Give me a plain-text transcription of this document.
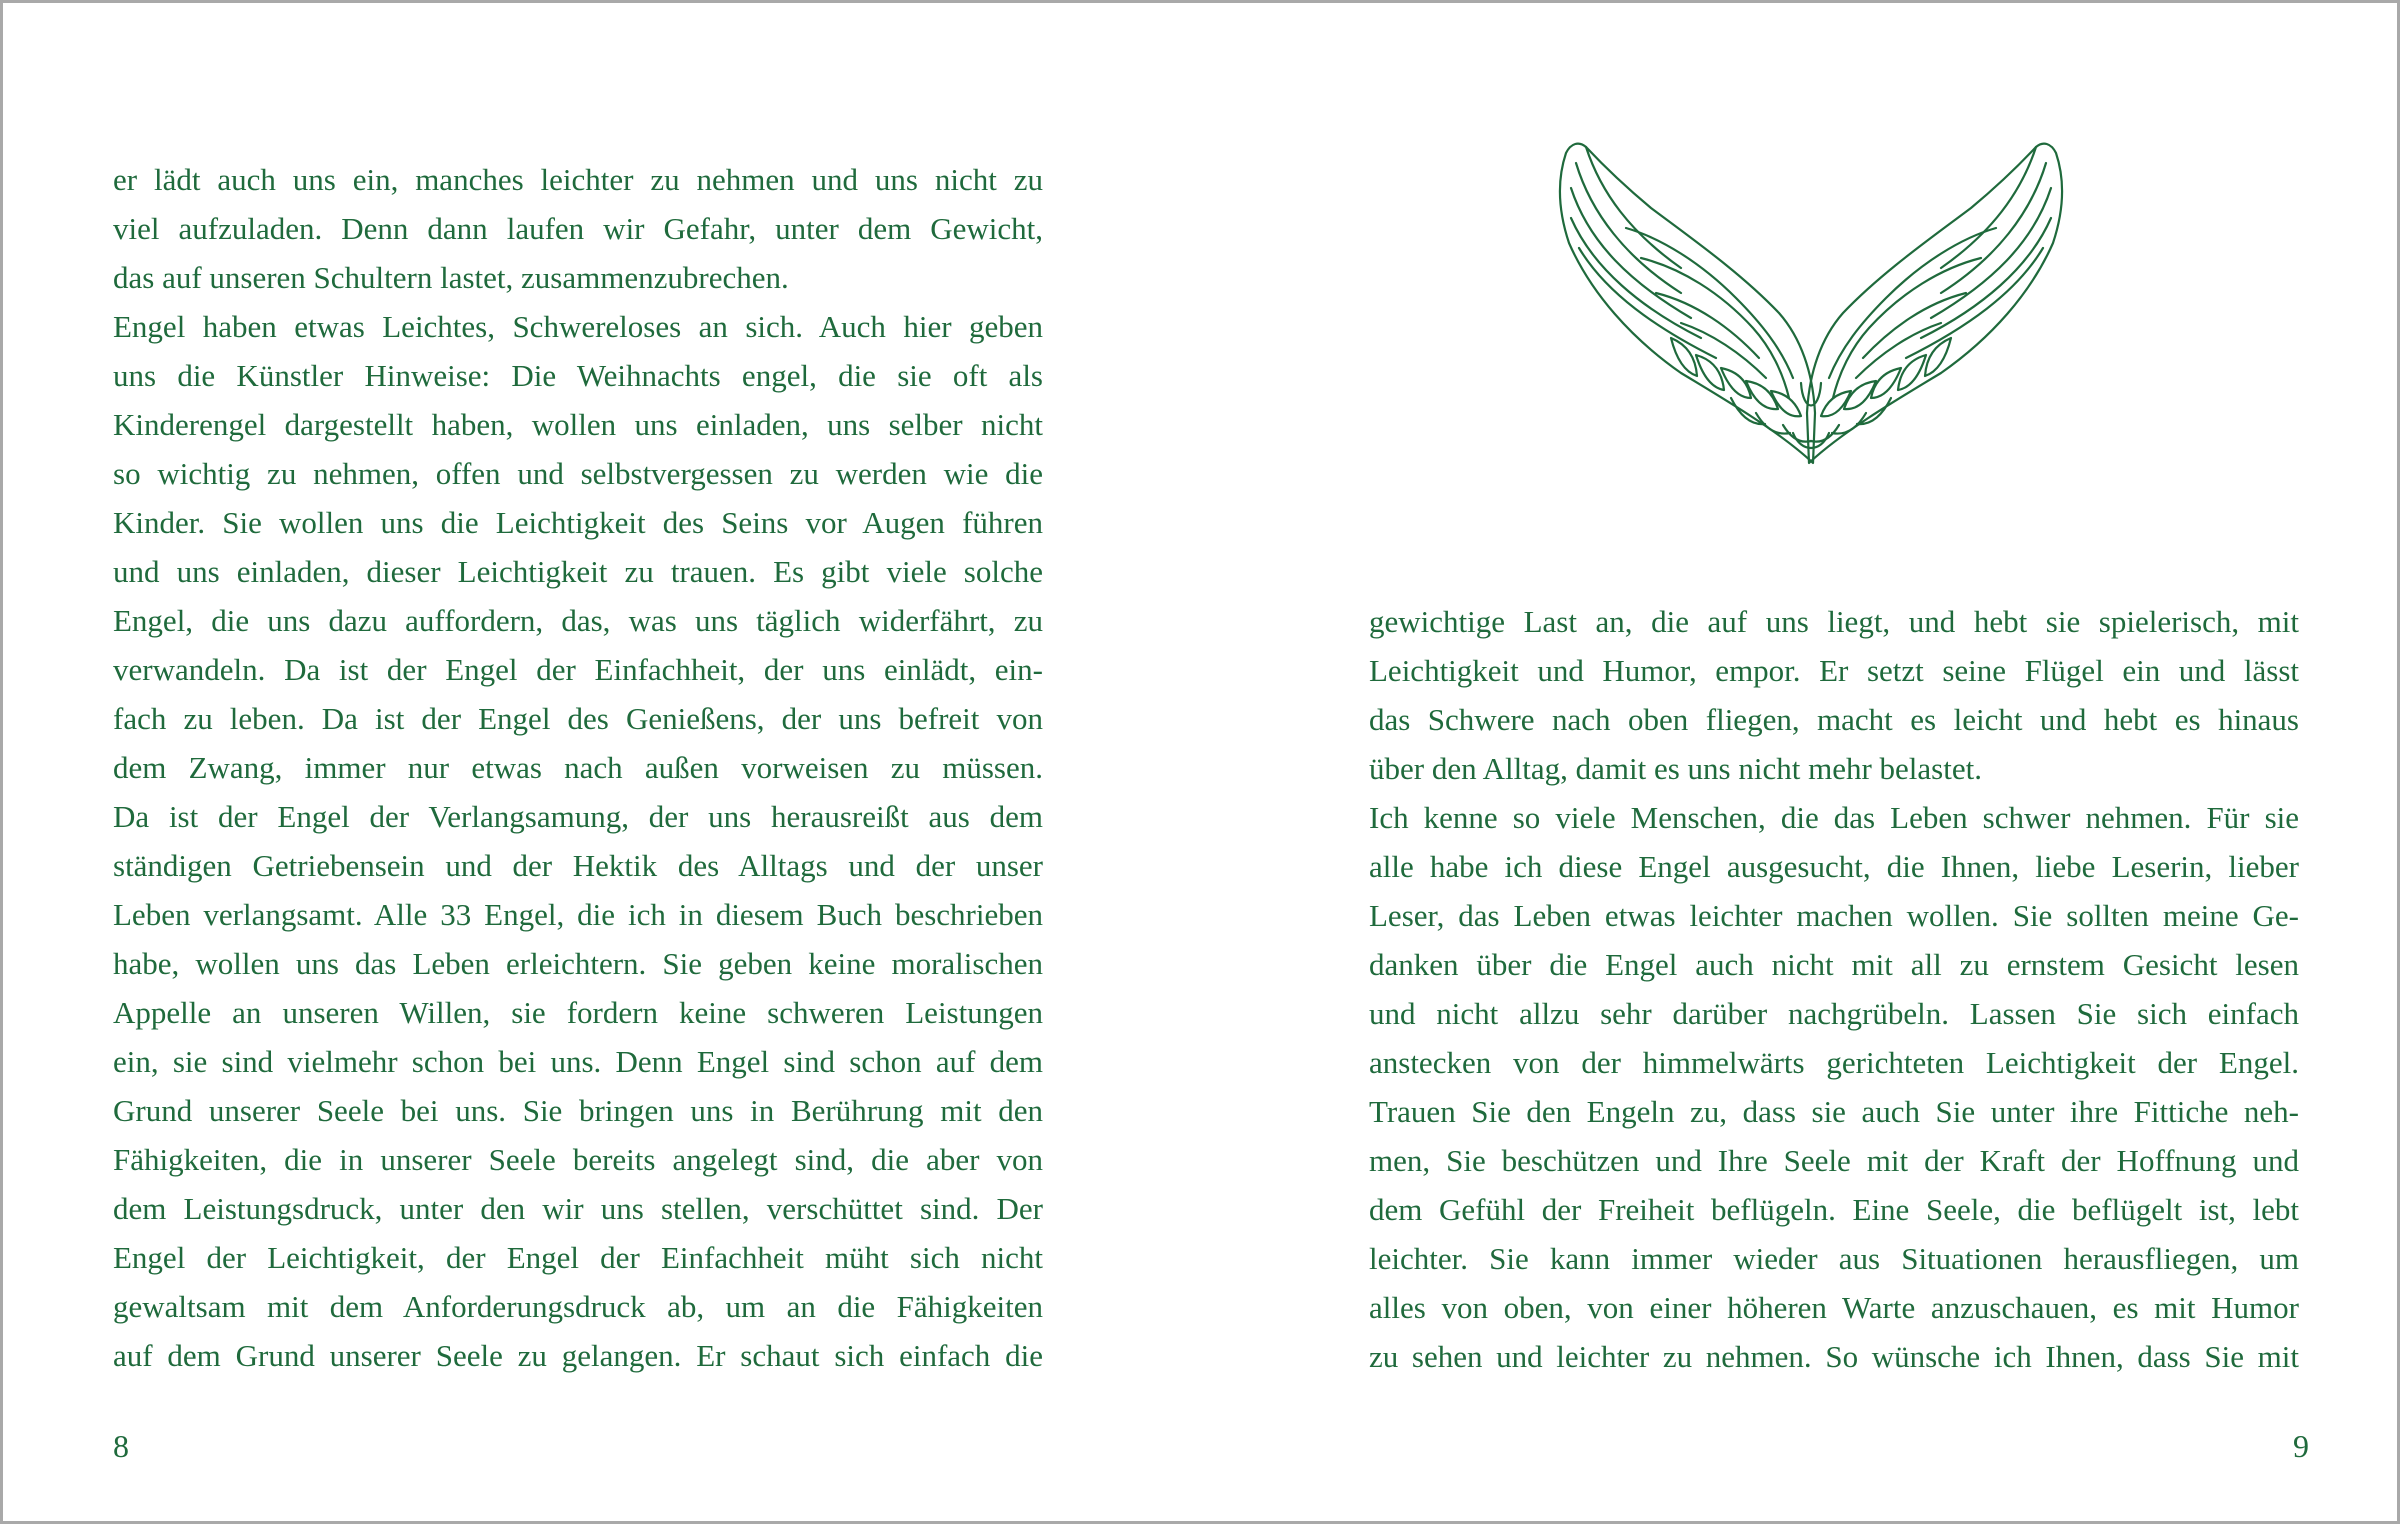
er lädt auch uns ein, manches leichter zu nehmen und uns nicht zu
viel aufzuladen. Denn dann laufen wir Gefahr, unter dem Gewicht,
das auf unseren Schultern lastet, zusammenzubrechen.
Engel haben etwas Leichtes, Schwereloses an sich. Auch hier geben
uns die Künstler Hinweise: Die Weihnachts engel, die sie oft als
Kinderengel dargestellt haben, wollen uns einladen, uns selber nicht
so wichtig zu nehmen, offen und selbstvergessen zu werden wie die
Kinder. Sie wollen uns die Leichtigkeit des Seins vor Augen führen
und uns einladen, dieser Leichtigkeit zu trauen. Es gibt viele solche
Engel, die uns dazu auffordern, das, was uns täglich widerfährt, zu
verwandeln. Da ist der Engel der Einfachheit, der uns einlädt, ein-
fach zu leben. Da ist der Engel des Genießens, der uns befreit von
dem Zwang, immer nur etwas nach außen vorweisen zu müssen.
Da ist der Engel der Verlangsamung, der uns herausreißt aus dem
ständigen Getriebensein und der Hektik des Alltags und der unser
Leben verlangsamt. Alle 33 Engel, die ich in diesem Buch beschrieben
habe, wollen uns das Leben erleichtern. Sie geben keine moralischen
Appelle an unseren Willen, sie fordern keine schweren Leistungen
ein, sie sind vielmehr schon bei uns. Denn Engel sind schon auf dem
Grund unserer Seele bei uns. Sie bringen uns in Berührung mit den
Fähigkeiten, die in unserer Seele bereits angelegt sind, die aber von
dem Leistungsdruck, unter den wir uns stellen, verschüttet sind. Der
Engel der Leichtigkeit, der Engel der Einfachheit müht sich nicht
gewaltsam mit dem Anforderungsdruck ab, um an die Fähigkeiten
auf dem Grund unserer Seele zu gelangen. Er schaut sich einfach die
8
gewichtige Last an, die auf uns liegt, und hebt sie spielerisch, mit
Leichtigkeit und Humor, empor. Er setzt seine Flügel ein und lässt
das Schwere nach oben fliegen, macht es leicht und hebt es hinaus
über den Alltag, damit es uns nicht mehr belastet.
Ich kenne so viele Menschen, die das Leben schwer nehmen. Für sie
alle habe ich diese Engel ausgesucht, die Ihnen, liebe Leserin, lieber
Leser, das Leben etwas leichter machen wollen. Sie sollten meine Ge-
danken über die Engel auch nicht mit all zu ernstem Gesicht lesen
und nicht allzu sehr darüber nachgrübeln. Lassen Sie sich einfach
anstecken von der himmelwärts gerichteten Leichtigkeit der Engel.
Trauen Sie den Engeln zu, dass sie auch Sie unter ihre Fittiche neh-
men, Sie beschützen und Ihre Seele mit der Kraft der Hoffnung und
dem Gefühl der Freiheit beflügeln. Eine Seele, die beflügelt ist, lebt
leichter. Sie kann immer wieder aus Situationen herausfliegen, um
alles von oben, von einer höheren Warte anzuschauen, es mit Humor
zu sehen und leichter zu nehmen. So wünsche ich Ihnen, dass Sie mit
9
